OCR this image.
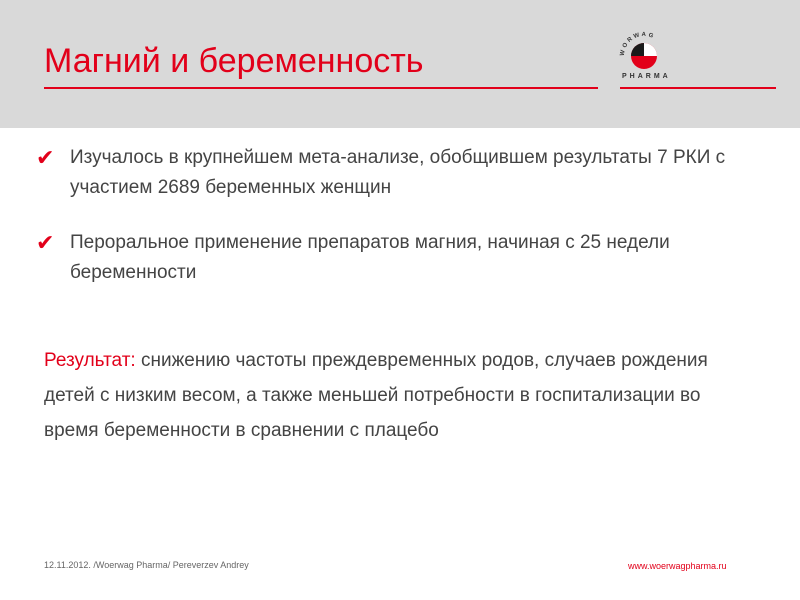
Магний и беременность	WORWAG
PHARMA
✔ Изучалось в крупнейшем мета-анализе, обобщившем результаты 7 РКИ с участием 2689 беременных женщин
✔ Пероральное применение препаратов магния, начиная с 25 недели беременности
Результат: снижению частоты преждевременных родов, случаев рождения детей с низким весом, а также меньшей потребности в госпитализации во время беременности в сравнении с плацебо
12.11.2012. /Woerwag Pharma/ Pereverzev Andrey	www.woerwagpharma.ru
